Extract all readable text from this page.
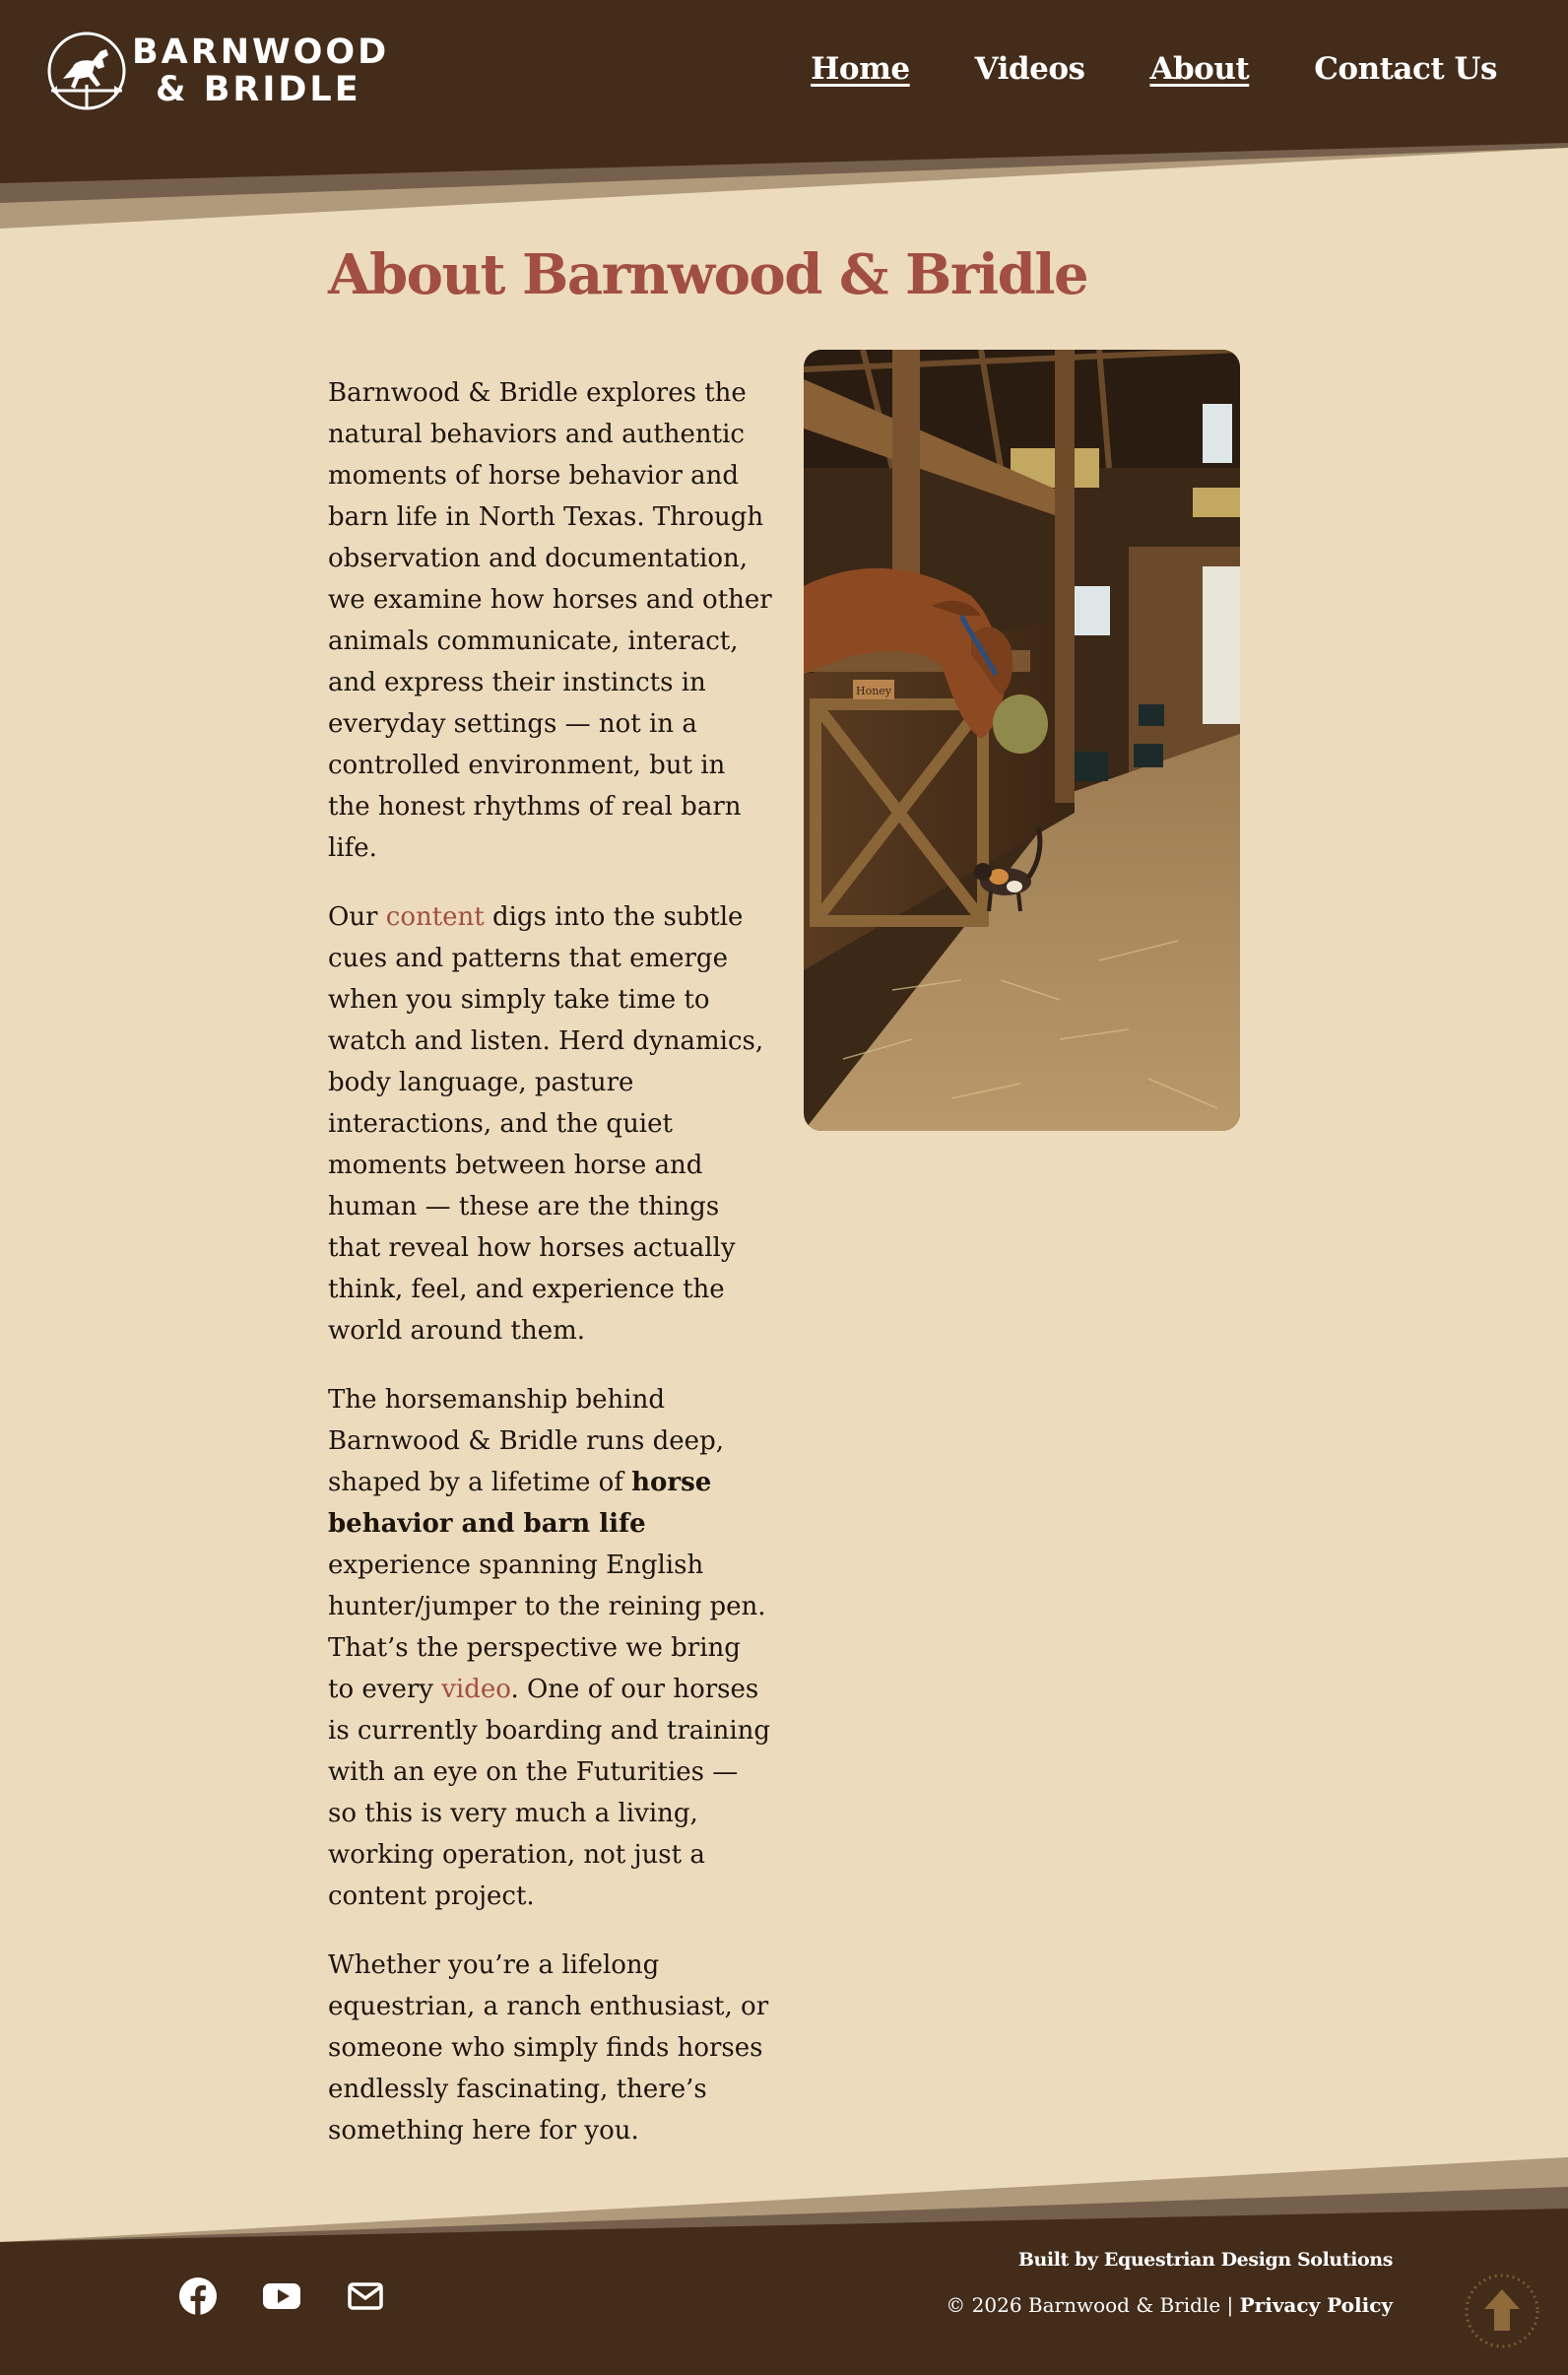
BARNWOOD
& BRIDLE
Home Videos About Contact Us
About Barnwood & Bridle

Barnwood & Bridle explores the natural behaviors and authentic moments of horse behavior and barn life in North Texas. Through observation and documentation, we examine how horses and other animals communicate, interact, and express their instincts in everyday settings — not in a controlled environment, but in the honest rhythms of real barn life.

Our content digs into the subtle cues and patterns that emerge when you simply take time to watch and listen. Herd dynamics, body language, pasture interactions, and the quiet moments between horse and human — these are the things that reveal how horses actually think, feel, and experience the world around them.

The horsemanship behind Barnwood & Bridle runs deep, shaped by a lifetime of horse behavior and barn life experience spanning English hunter/jumper to the reining pen. That’s the perspective we bring to every video. One of our horses is currently boarding and training with an eye on the Futurities — so this is very much a living, working operation, not just a content project.

Whether you’re a lifelong equestrian, a ranch enthusiast, or someone who simply finds horses endlessly fascinating, there’s something here for you.

Honey
Built by Equestrian Design Solutions
© 2026 Barnwood & Bridle | Privacy Policy
